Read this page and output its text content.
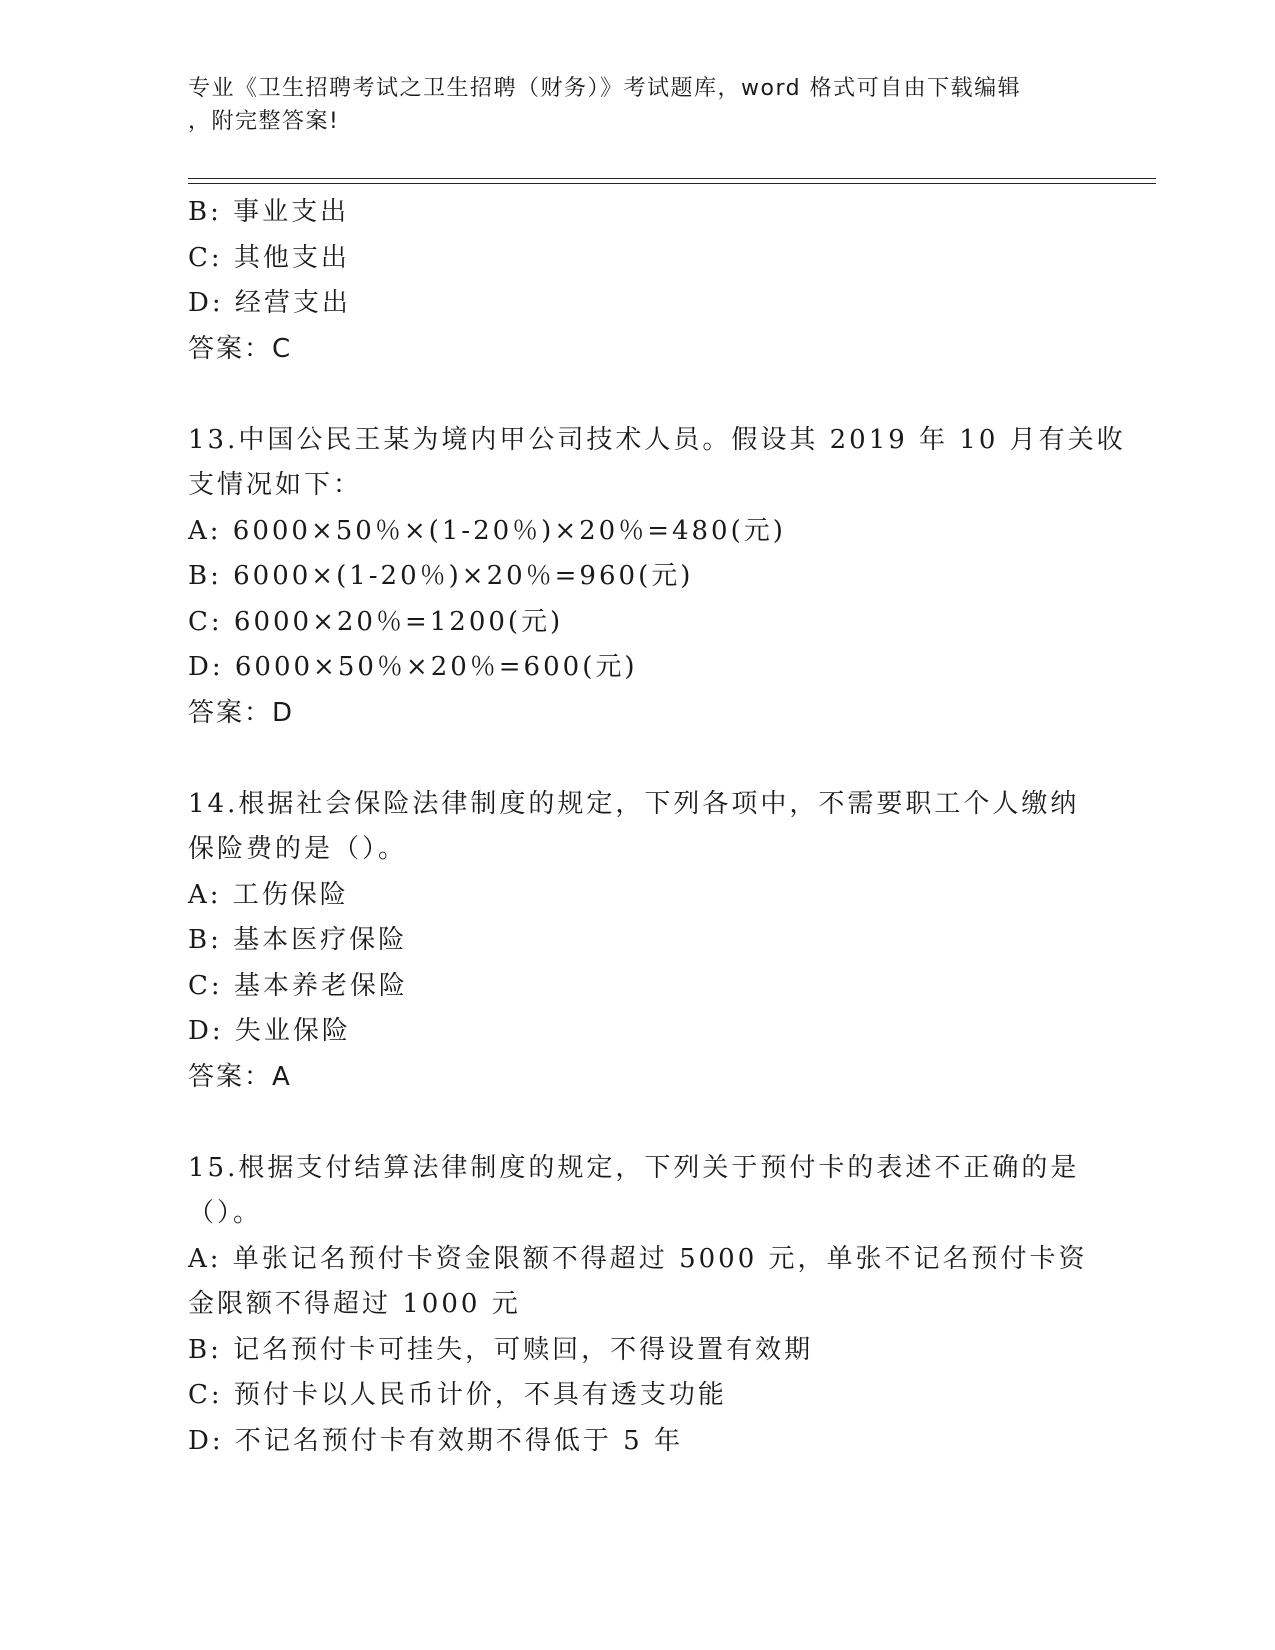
专业《卫生招聘考试之卫生招聘（财务）》考试题库，word 格式可自由下载编辑
，附完整答案!
B: 事业支出
C: 其他支出
D: 经营支出
答案：C
13.中国公民王某为境内甲公司技术人员。假设其 2019 年 10 月有关收
支情况如下：
A: 6000×50％×(1-20％)×20％=480(元)
B: 6000×(1-20％)×20％=960(元)
C: 6000×20％=1200(元)
D: 6000×50％×20％=600(元)
答案：D
14.根据社会保险法律制度的规定，下列各项中，不需要职工个人缴纳
保险费的是（）。
A: 工伤保险
B: 基本医疗保险
C: 基本养老保险
D: 失业保险
答案：A
15.根据支付结算法律制度的规定，下列关于预付卡的表述不正确的是
（）。
A: 单张记名预付卡资金限额不得超过 5000 元，单张不记名预付卡资
金限额不得超过 1000 元
B: 记名预付卡可挂失，可赎回，不得设置有效期
C: 预付卡以人民币计价，不具有透支功能
D: 不记名预付卡有效期不得低于 5 年
